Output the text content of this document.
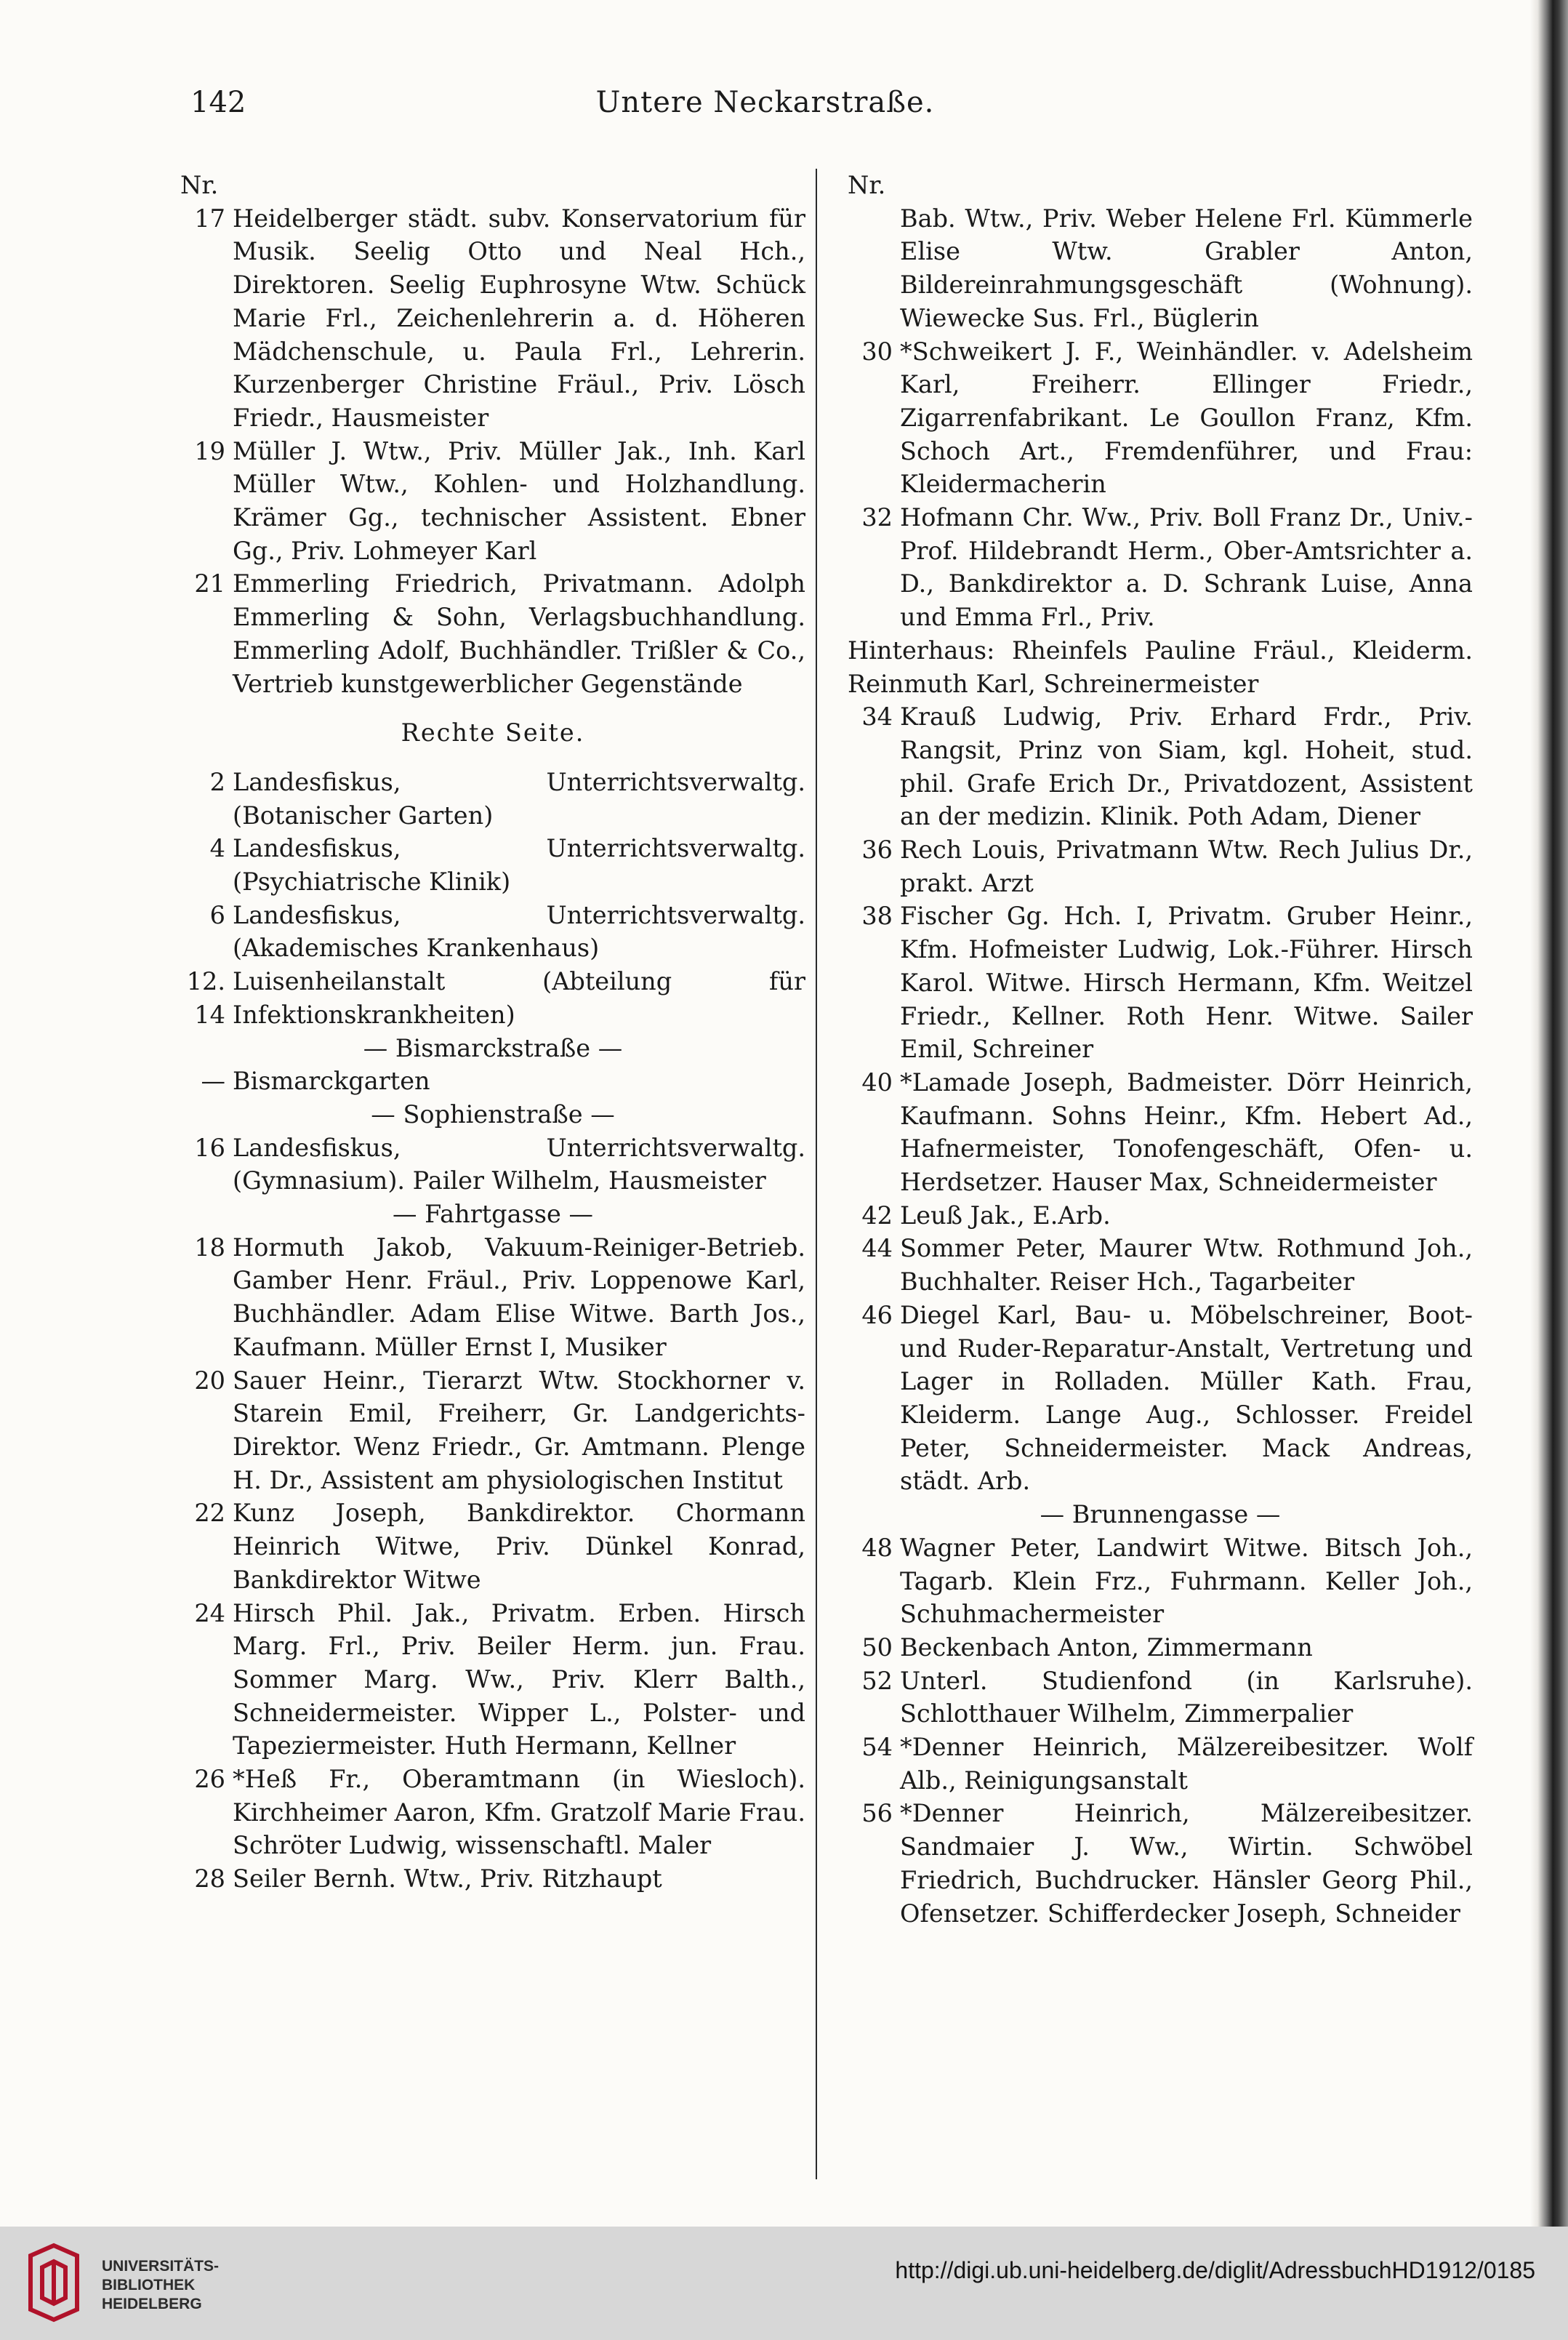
142	Untere Neckarstraße.
Nr.
17 Heidelberger städt. subv. Konservatorium für Musik. Seelig Otto und Neal Hch., Direktoren. Seelig Euphrosyne Wtw. Schück Marie Frl., Zeichenlehrerin a. d. Höheren Mädchenschule, u. Paula Frl., Lehrerin. Kurzenberger Christine Fräul., Priv. Lösch Friedr., Hausmeister
19 Müller J. Wtw., Priv. Müller Jak., Inh. Karl Müller Wtw., Kohlen- und Holzhandlung. Krämer Gg., technischer Assistent. Ebner Gg., Priv. Lohmeyer Karl
21 Emmerling Friedrich, Privatmann. Adolph Emmerling & Sohn, Verlagsbuchhandlung. Emmerling Adolf, Buchhändler. Trißler & Co., Vertrieb kunstgewerblicher Gegenstände
Rechte Seite.
2 Landesfiskus, Unterrichtsverwaltg. (Botanischer Garten)
4 Landesfiskus, Unterrichtsverwaltg. (Psychiatrische Klinik)
6 Landesfiskus, Unterrichtsverwaltg. (Akademisches Krankenhaus)
12. 14
Luisenheilanstalt (Abteilung für Infektionskrankheiten)
— Bismarckstraße —
— Bismarckgarten
— Sophienstraße —
16 Landesfiskus, Unterrichtsverwaltg. (Gymnasium). Pailer Wilhelm, Hausmeister
— Fahrtgasse —
18 Hormuth Jakob, Vakuum-Reiniger-Betrieb. Gamber Henr. Fräul., Priv. Loppenowe Karl, Buchhändler. Adam Elise Witwe. Barth Jos., Kaufmann. Müller Ernst I, Musiker
20 Sauer Heinr., Tierarzt Wtw. Stockhorner v. Starein Emil, Freiherr, Gr. Landgerichts-Direktor. Wenz Friedr., Gr. Amtmann. Plenge H. Dr., Assistent am physiologischen Institut
22 Kunz Joseph, Bankdirektor. Chormann Heinrich Witwe, Priv. Dünkel Konrad, Bankdirektor Witwe
24 Hirsch Phil. Jak., Privatm. Erben. Hirsch Marg. Frl., Priv. Beiler Herm. jun. Frau. Sommer Marg. Ww., Priv. Klerr Balth., Schneidermeister. Wipper L., Polster- und Tapeziermeister. Huth Hermann, Kellner
26 *Heß Fr., Oberamtmann (in Wiesloch). Kirchheimer Aaron, Kfm. Gratzolf Marie Frau. Schröter Ludwig, wissenschaftl. Maler
28 Seiler Bernh. Wtw., Priv. Ritzhaupt
Nr.
Bab. Wtw., Priv. Weber Helene Frl. Kümmerle Elise Wtw. Grabler Anton, Bildereinrahmungsgeschäft (Wohnung). Wiewecke Sus. Frl., Büglerin
30 *Schweikert J. F., Weinhändler. v. Adelsheim Karl, Freiherr. Ellinger Friedr., Zigarrenfabrikant. Le Goullon Franz, Kfm. Schoch Art., Fremdenführer, und Frau: Kleidermacherin
32 Hofmann Chr. Ww., Priv. Boll Franz Dr., Univ.-Prof. Hildebrandt Herm., Ober-Amtsrichter a. D., Bankdirektor a. D. Schrank Luise, Anna und Emma Frl., Priv.
Hinterhaus: Rheinfels Pauline Fräul., Kleiderm. Reinmuth Karl, Schreinermeister
34 Krauß Ludwig, Priv. Erhard Frdr., Priv. Rangsit, Prinz von Siam, kgl. Hoheit, stud. phil. Grafe Erich Dr., Privatdozent, Assistent an der medizin. Klinik. Poth Adam, Diener
36 Rech Louis, Privatmann Wtw. Rech Julius Dr., prakt. Arzt
38 Fischer Gg. Hch. I, Privatm. Gruber Heinr., Kfm. Hofmeister Ludwig, Lok.-Führer. Hirsch Karol. Witwe. Hirsch Hermann, Kfm. Weitzel Friedr., Kellner. Roth Henr. Witwe. Sailer Emil, Schreiner
40 *Lamade Joseph, Badmeister. Dörr Heinrich, Kaufmann. Sohns Heinr., Kfm. Hebert Ad., Hafnermeister, Tonofengeschäft, Ofen- u. Herdsetzer. Hauser Max, Schneidermeister
42 Leuß Jak., E.Arb.
44 Sommer Peter, Maurer Wtw. Rothmund Joh., Buchhalter. Reiser Hch., Tagarbeiter
46 Diegel Karl, Bau- u. Möbelschreiner, Boot- und Ruder-Reparatur-Anstalt, Vertretung und Lager in Rolladen. Müller Kath. Frau, Kleiderm. Lange Aug., Schlosser. Freidel Peter, Schneidermeister. Mack Andreas, städt. Arb.
— Brunnengasse —
48 Wagner Peter, Landwirt Witwe. Bitsch Joh., Tagarb. Klein Frz., Fuhrmann. Keller Joh., Schuhmachermeister
50 Beckenbach Anton, Zimmermann
52 Unterl. Studienfond (in Karlsruhe). Schlotthauer Wilhelm, Zimmerpalier
54 *Denner Heinrich, Mälzereibesitzer. Wolf Alb., Reinigungsanstalt
56 *Denner Heinrich, Mälzereibesitzer. Sandmaier J. Ww., Wirtin. Schwöbel Friedrich, Buchdrucker. Hänsler Georg Phil., Ofensetzer. Schifferdecker Joseph, Schneider
UNIVERSITÄTS-
BIBLIOTHEK
HEIDELBERG
http://digi.ub.uni-heidelberg.de/diglit/AdressbuchHD1912/0185
